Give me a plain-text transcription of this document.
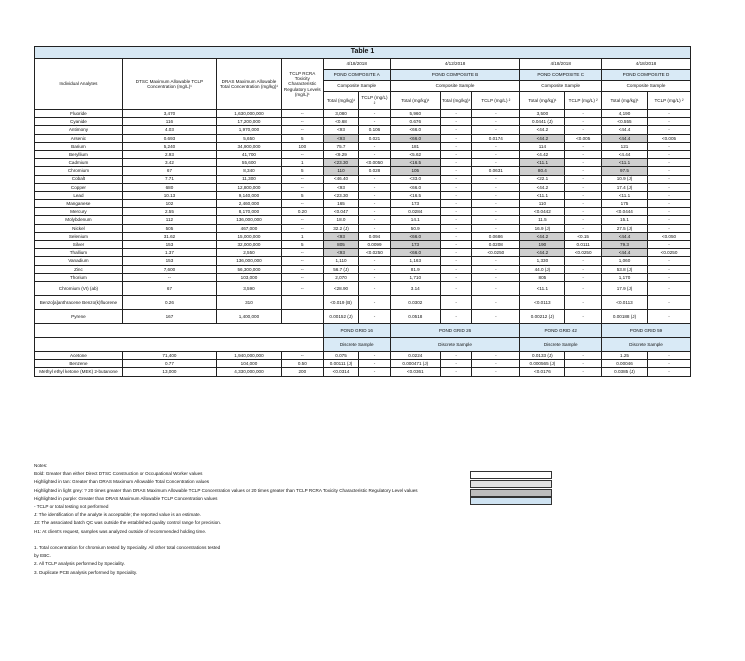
Table 1												
Individual Analytes	DTSC Maximum Allowable TCLP Concentration (mg/L)¹	DRAS Maximum Allowable Total Concentration (mg/kg)¹	TCLP RCRA Toxicity Characteristic Regulatory Levels (mg/L)¹	4/18/2018		4/12/2018			4/18/2018		4/18/2018	
				POND COMPOSITE A		POND COMPOSITE B			POND COMPOSITE C		POND COMPOSITE D	
				Composite Sample		Composite Sample			Composite Sample		Composite Sample	
				Total (mg/kg)¹	TCLP (mg/L) ²	Total (mg/kg)¹	Total (mg/kg)¹	TCLP (mg/L) ²	Total (mg/kg)¹	TCLP (mg/L) ²	Total (mg/kg)¹	TCLP (mg/L) ²
Fluoride	3,470	1,630,000,000	--	3,080	-	5,960	-	-	3,500	-	4,190	-
Cyanide	116	17,200,000	--	<0.68	-	0.676	-	-	0.0441 (J)	-	<0.555	-
Antimony	4.03	1,970,000	--	<93	0.106	<66.0	-	-	<44.2	-	<44.4	-
Arsenic	0.693	5,650	5	<93	0.021	<66.0	-	0.0174	<44.2	<0.005	<44.4	<0.005
Barium	5,240	34,900,000	100	75.7	-	181	-	-	114	-	121	-
Beryllium	2.93	41,700	--	<9.29	-	<5.62	-	-	<4.42	-	<4.44	-
Cadmium	3.42	55,600	1	<23.30	<0.0050	<16.5	-	-	<11.1	-	<11.1	-
Chromium	67	8,340	5	110	0.028	105	-	0.0631	80.4	-	97.5	-
Cobalt	7.71	11,300	--	<46.40	-	<33.0	-	-	<22.1	-	10.9 (J)	-
Copper	680	12,800,000	--	<93	-	<66.0	-	-	<44.2	-	17.4 (J)	-
Lead	10.13	9,140,000	5	<23.30	-	<16.5	-	-	<11.1	-	<11.1	-
Manganese	102	2,460,000	--	165	-	173	-	-	110	-	175	-
Mercury	2.55	8,170,000	0.20	<0.047	-	0.0284	-	-	<0.0442	-	<0.0444	-
Molybdenum	112	136,000,000	--	18.0	-	14.1	-	-	11.5	-	15.1	-
Nickel	505	467,000	--	32.2 (J)	-	50.9	-	-	16.9 (J)	-	27.5 (J)	-
Selenium	31.62	15,000,000	1	<93	0.094	<66.0	-	0.0686	<44.2	<0.15	<44.4	<0.050
Silver	153	32,000,000	5	805	0.0099	173	-	0.0208	190	0.0111	79.3	-
Thallium	1.37	2,550	--	<93	<0.0250	<66.0	-	<0.0250	<44.2	<0.0250	<44.4	<0.0250
Vanadium	153	136,000,000	--	1,110	-	1,163	-	-	1,330	-	1,060	-
Zinc	7,600	56,300,000	--	56.7 (J)	-	81.9	-	-	44.0 (J)	-	53.8 (J)	-
Thorium	--	103,000	--	2,070	-	1,710	-	-	805	-	1,170	-
Chromium (VI) (ab)	67	3,590	--	<28.90	-	3.14	-	-	<11.1	-	17.9 (J)	-
Benzo[a]anthracene Benzo(k)fluorene	0.26	310		<0.019 (B)	-	0.0302	-	-	<0.0113	-	<0.0113	-
Pyrene	167	1,400,000		0.00152 (J)	-	0.0518	-	-	0.00212 (J)	-	0.00188 (J)	-
				POND GRID 16		POND GRID 26			POND GRID 42		POND GRID 59	
				Discrete Sample		Discrete Sample			Discrete Sample		Discrete Sample	
Acetone	71,400	1,940,000,000	--	0.075	-	0.0224	-	-	0.0133 (J)	-	1.25	-
Benzene	0.77	104,000	0.50	0.00111 (J)	-	0.000471 (J)	-	-	0.000565 (J)	-	0.00046	-
Methyl ethyl ketone (MEK) 2-butanone	13,000	4,330,000,000	200	<0.0314	-	<0.0361	-	-	<0.0176	-	0.0385 (J)	-
Notes:
Bold: Greater than either Direct DTSC Construction or Occupational Worker values
Highlighted in tan: Greater than DRAS Maximum Allowable Total Concentration values
Highlighted in light grey: ? 20 times greater than DRAS Maximum Allowable TCLP Concentration values or 20 times greater than TCLP RCRA Toxicity Characteristic Regulatory Level values
Highlighted in purple: Greater than DRAS Maximum Allowable TCLP Concentration values
- TCLP or total testing not performed
J: The identification of the analyte is acceptable; the reported value is an estimate.
J3: The associated batch QC was outside the established quality control range for precision.
H1: At client's request, samples was analyzed outside of recommended holding time.

1. Total concentration for chromium tested by Speciality. All other total concentrations tested
by EBC.
2. All TCLP analysis performed by Speciality.
3. Duplicate PCB analysis performed by Speciality.
